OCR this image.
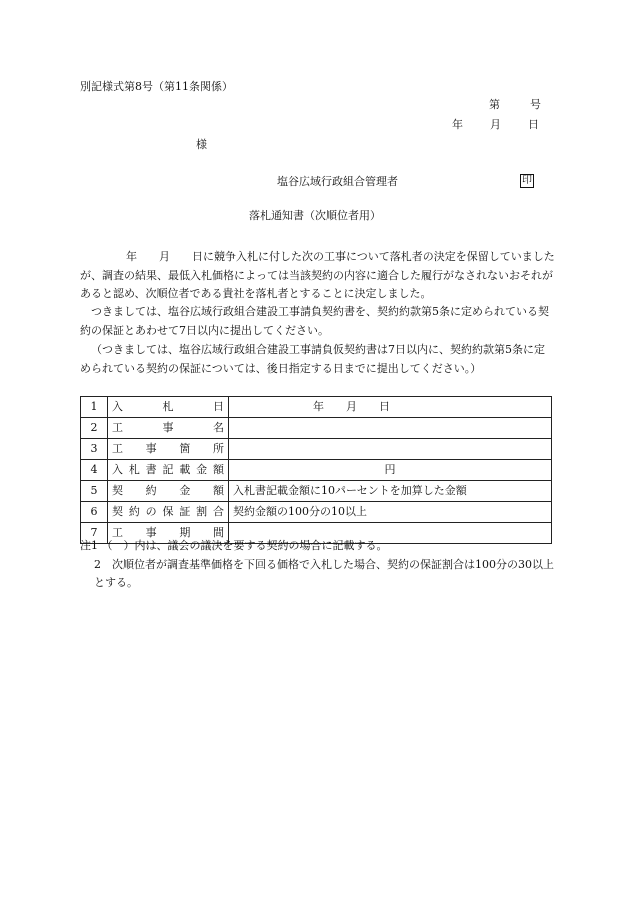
別記様式第8号（第11条関係）
第	号
年 月 日
様
塩谷広域行政組合管理者	印
落札通知書（次順位者用）
年 月 日に競争入札に付した次の工事について落札者の決定を保留していましたが、調査の結果、最低入札価格によっては当該契約の内容に適合した履行がなされないおそれがあると認め、次順位者である貴社を落札者とすることに決定しました。
つきましては、塩谷広域行政組合建設工事請負契約書を、契約約款第5条に定められている契約の保証とあわせて7日以内に提出してください。
（つきましては、塩谷広域行政組合建設工事請負仮契約書は7日以内に、契約約款第5条に定められている契約の保証については、後日指定する日までに提出してください。）
1	入札日	年 月 日
2	工事名	
3	工事箇所	
4	入札書記載金額	円
5	契約金額	入札書記載金額に10パーセントを加算した金額
6	契約の保証割合	契約金額の100分の10以上
7	工事期間	
注1 （　）内は、議会の議決を要する契約の場合に記載する。
2　次順位者が調査基準価格を下回る価格で入札した場合、契約の保証割合は100分の30以上とする。
